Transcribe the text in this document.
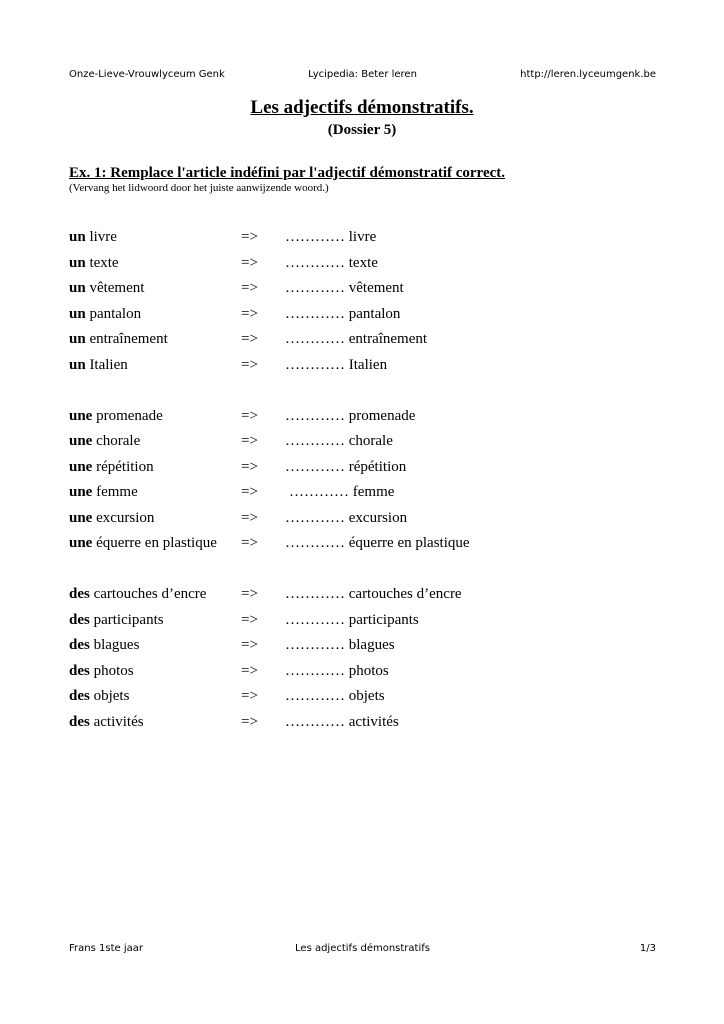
Onze-Lieve-Vrouwlyceum Genk	Lycipedia: Beter leren	http://leren.lyceumgenk.be
Les adjectifs démonstratifs.
(Dossier 5)
Ex. 1: Remplace l'article indéfini par l'adjectif démonstratif correct.
(Vervang het lidwoord door het juiste aanwijzende woord.)
un livre	=> ………… livre
un texte	=> ………… texte
un vêtement	=> ………… vêtement
un pantalon	=> ………… pantalon
un entraînement	=> ………… entraînement
un Italien	=> ………… Italien
une promenade	=> ………… promenade
une chorale	=> ………… chorale
une répétition	=> ………… répétition
une femme	=> ………… femme
une excursion	=> ………… excursion
une équerre en plastique => ………… équerre en plastique
des cartouches d’encre => ………… cartouches d’encre
des participants	=> ………… participants
des blagues	=> ………… blagues
des photos	=> ………… photos
des objets	=> ………… objets
des activités	=> ………… activités
Frans 1ste jaar	Les adjectifs démonstratifs	1/3
